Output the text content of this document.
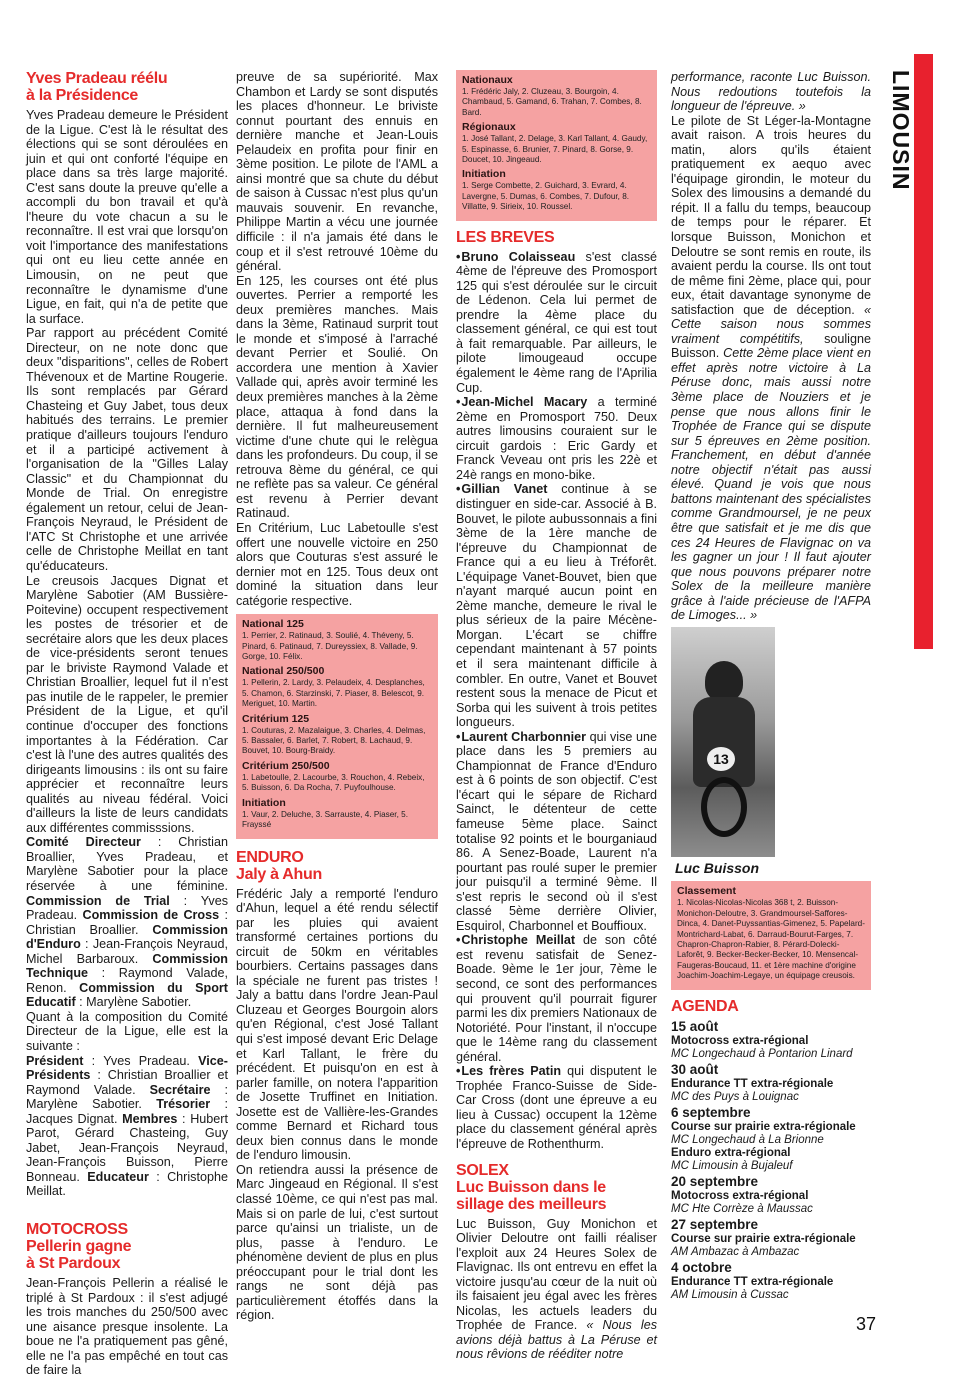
LIMOUSIN
Yves Pradeau réélu
à la Présidence

Yves Pradeau demeure le Président de la Ligue. C'est là le résultat des élections qui se sont déroulées en juin et qui ont conforté l'équipe en place dans sa très large majorité. C'est sans doute la preuve qu'elle a accompli du bon travail et qu'à l'heure du vote chacun a su le reconnaître. Il est vrai que lorsqu'on voit l'importance des manifestations qui ont eu lieu cette année en Limousin, on ne peut que reconnaître le dynamisme d'une Ligue, en fait, qui n'a de petite que la surface.

Par rapport au précédent Comité Directeur, on ne note donc que deux "disparitions", celles de Robert Thévenoux et de Martine Rougerie. Ils sont remplacés par Gérard Chasteing et Guy Jabet, tous deux habitués des terrains. Le premier pratique d'ailleurs toujours l'enduro et il a participé activement à l'organisation de la "Gilles Lalay Classic" et du Championnat du Monde de Trial. On enregistre également un retour, celui de Jean-François Neyraud, le Président de l'ATC St Christophe et une arrivée celle de Christophe Meillat en tant qu'éducateurs.

Le creusois Jacques Dignat et Marylène Sabotier (AM Bussière-Poitevine) occupent respectivement les postes de trésorier et de secrétaire alors que les deux places de vice-présidents seront tenues par le briviste Raymond Valade et Christian Broallier, lequel fut il n'est pas inutile de le rappeler, le premier Président de la Ligue, et qu'il continue d'occuper des fonctions importantes à la Fédération. Car c'est là l'une des autres qualités des dirigeants limousins : ils ont su faire apprécier et reconnaître leurs qualités au niveau fédéral. Voici d'ailleurs la liste de leurs candidats aux différentes commisssions.

Comité Directeur : Christian Broallier, Yves Pradeau, et Marylène Sabotier pour la place réservée à une féminine. Commission de Trial : Yves Pradeau. Commission de Cross : Christian Broallier. Commission d'Enduro : Jean-François Neyraud, Michel Barbaroux. Commission Technique : Raymond Valade, Renon. Commission du Sport Educatif : Marylène Sabotier.

Quant à la composition du Comité Directeur de la Ligue, elle est la suivante :

Président : Yves Pradeau. Vice-Présidents : Christian Broallier et Raymond Valade. Secrétaire : Marylène Sabotier. Trésorier : Jacques Dignat. Membres : Hubert Parot, Gérard Chasteing, Guy Jabet, Jean-François Neyraud, Jean-François Buisson, Pierre Bonneau. Educateur : Christophe Meillat.

MOTOCROSS
Pellerin gagne
à St Pardoux

Jean-François Pellerin a réalisé le triplé à St Pardoux : il s'est adjugé les trois manches du 250/500 avec une aisance presque insolente. La boue ne l'a pratiquement pas gêné, elle ne l'a pas empêché en tout cas de faire la

preuve de sa supériorité. Max Chambon et Lardy se sont disputés les places d'honneur. Le briviste connut pourtant des ennuis en dernière manche et Jean-Louis Pelaudeix en profita pour finir en 3ème position. Le pilote de l'AML a ainsi montré que sa chute du début de saison à Cussac n'est plus qu'un mauvais souvenir. En revanche, Philippe Martin a vécu une journée difficile : il n'a jamais été dans le coup et il s'est retrouvé 10ème du général.

En 125, les courses ont été plus ouvertes. Perrier a remporté les deux premières manches. Mais dans la 3ème, Ratinaud surprit tout le monde et s'imposé à l'arraché devant Perrier et Soulié. On accordera une mention à Xavier Vallade qui, après avoir terminé les deux premières manches à la 2ème place, attaqua à fond dans la dernière. Il fut malheureusement victime d'une chute qui le relègua dans les profondeurs. Du coup, il se retrouva 8ème du général, ce qui ne reflète pas sa valeur. Ce général est revenu à Perrier devant Ratinaud.

En Critérium, Luc Labetoulle s'est offert une nouvelle victoire en 250 alors que Couturas s'est assuré le dernier mot en 125. Tous deux ont dominé la situation dans leur catégorie respective.

National 125
1. Perrier, 2. Ratinaud, 3. Soulié, 4. Théveny, 5. Pinard, 6. Patinaud, 7. Dureyssiex, 8. Vallade, 9. Gorge, 10. Félix.
National 250/500
1. Pellerin, 2. Lardy, 3. Pelaudeix, 4. Desplanches, 5. Chamon, 6. Starzinski, 7. Piaser, 8. Belescot, 9. Meriguet, 10. Martin.
Critérium 125
1. Couturas, 2. Mazalaigue, 3. Charles, 4. Delmas, 5. Bassaler, 6. Barlet, 7. Robert, 8. Lachaud, 9. Bouvet, 10. Bourg-Braidy.
Critérium 250/500
1. Labetoulle, 2. Lacourbe, 3. Rouchon, 4. Rebeix, 5. Buisson, 6. Da Rocha, 7. Puyfoulhouse.
Initiation
1. Vaur, 2. Deluche, 3. Sarrauste, 4. Piaser, 5. Frayssé
ENDURO
Jaly à Ahun

Frédéric Jaly a remporté l'enduro d'Ahun, lequel a été rendu sélectif par les pluies qui avaient transformé certaines portions du circuit de 50km en véritables bourbiers. Certains passages dans la spéciale ne furent pas tristes ! Jaly a battu dans l'ordre Jean-Paul Cluzeau et Georges Bourgoin alors qu'en Régional, c'est José Tallant qui s'est imposé devant Eric Delage et Karl Tallant, le frère du précédent. Et puisqu'on en est à parler famille, on notera l'apparition de Josette Truffinet en Initiation. Josette est de Vallière-les-Grandes comme Bernard et Richard tous deux bien connus dans le monde de l'enduro limousin.

On retiendra aussi la présence de Marc Jingeaud en Régional. Il s'est classé 10ème, ce qui n'est pas mal. Mais si on parle de lui, c'est surtout parce qu'ainsi un trialiste, un de plus, passe à l'enduro. Le phénomène devient de plus en plus préoccupant pour le trial dont les rangs ne sont déjà pas particulièrement étoffés dans la région.

Nationaux
1. Frédéric Jaly, 2. Cluzeau, 3. Bourgoin, 4. Chambaud, 5. Gamand, 6. Trahan, 7. Combes, 8. Bard.
Régionaux
1. José Tallant, 2. Delage, 3. Karl Tallant, 4. Gaudy, 5. Espinasse, 6. Brunier, 7. Pinard, 8. Gorse, 9. Doucet, 10. Jingeaud.
Initiation
1. Serge Combette, 2. Guichard, 3. Evrard, 4. Lavergne, 5. Dumas, 6. Combes, 7. Dufour, 8. Villatte, 9. Sirieix, 10. Roussel.
LES BREVES

• Bruno Colaisseau s'est classé 4ème de l'épreuve des Promosport 125 qui s'est déroulée sur le circuit de Lédenon. Cela lui permet de prendre la 4ème place du classement général, ce qui est tout à fait remarquable. Par ailleurs, le pilote limougeaud occupe également le 4ème rang de l'Aprilia Cup.

• Jean-Michel Macary a terminé 2ème en Promosport 750. Deux autres limousins couraient sur le circuit gardois : Eric Gardy et Franck Veveau ont pris les 22è et 24è rangs en mono-bike.

• Gillian Vanet continue à se distinguer en side-car. Associé à B. Bouvet, le pilote aubussonnais a fini 3ème de la 1ère manche de l'épreuve du Championnat de France qui a eu lieu à Tréforêt. L'équipage Vanet-Bouvet, bien que n'ayant marqué aucun point en 2ème manche, demeure le rival le plus sérieux de la paire Mécène-Morgan. L'écart se chiffre cependant maintenant à 57 points et il sera maintenant difficile à combler. En outre, Vanet et Bouvet restent sous la menace de Picut et Sorba qui les suivent à trois petites longueurs.

• Laurent Charbonnier qui vise une place dans les 5 premiers au Championnat de France d'Enduro est à 6 points de son objectif. C'est l'écart qui le sépare de Richard Sainct, le détenteur de cette fameuse 5ème place. Sainct totalise 92 points et le bourganiaud 86. A Senez-Boade, Laurent n'a pourtant pas roulé super le premier jour puisqu'il a terminé 9ème. Il s'est repris le second où il s'est classé 5ème derrière Olivier, Esquirol, Charbonnel et Bouffioux.

• Christophe Meillat de son côté est revenu satisfait de Senez-Boade. 9ème le 1er jour, 7ème le second, ce sont des performances qui prouvent qu'il pourrait figurer parmi les dix premiers Nationaux de Notoriété. Pour l'instant, il n'occupe que le 14ème rang du classement général.

• Les frères Patin qui disputent le Trophée Franco-Suisse de Side-Car Cross (dont une épreuve a eu lieu à Cussac) occupent la 12ème place du classement général après l'épreuve de Rothenthurm.

SOLEX
Luc Buisson dans le
sillage des meilleurs

Luc Buisson, Guy Monichon et Olivier Deloutre ont failli réaliser l'exploit aux 24 Heures Solex de Flavignac. Ils ont entrevu en effet la victoire jusqu'au cœur de la nuit où ils faisaient jeu égal avec les frères Nicolas, les actuels leaders du Trophée de France. « Nous les avions déjà battus à La Péruse et nous rêvions de rééditer notre

performance, raconte Luc Buisson. Nous redoutions toutefois la longueur de l'épreuve. »

Le pilote de St Léger-la-Montagne avait raison. A trois heures du matin, alors qu'ils étaient pratiquement ex aequo avec l'équipage girondin, le moteur du Solex des limousins a demandé du répit. Il a fallu du temps, beaucoup de temps pour le réparer. Et lorsque Buisson, Monichon et Deloutre se sont remis en route, ils avaient perdu la course. Ils ont tout de même fini 2ème, place qui, pour eux, était davantage synonyme de satisfaction que de déception. « Cette saison nous sommes vraiment compétitifs, souligne Buisson. Cette 2ème place vient en effet après notre victoire à La Péruse donc, mais aussi notre 3ème place de Nouziers et je pense que nous allons finir le Trophée de France qui se dispute sur 5 épreuves en 2ème position. Franchement, en début d'année notre objectif n'était pas aussi élevé. Quand je vois que nous battons maintenant des spécialistes comme Grandmoursel, je ne peux être que satisfait et je me dis que ces 24 Heures de Flavignac on va les gagner un jour ! Il faut ajouter que nous pouvons préparer notre Solex de la meilleure manière grâce à l'aide précieuse de l'AFPA de Limoges... »

13
Luc Buisson
Classement
1. Nicolas-Nicolas-Nicolas 368 t, 2. Buisson-Monichon-Deloutre, 3. Grandmoursel-Saffores-Dinca, 4. Danet-Puyssantias-Gimenez, 5. Papelard-Montrichard-Labat, 6. Darraud-Bourut-Farges, 7. Chapron-Chapron-Rabier, 8. Pérard-Dolecki-Laforêt, 9. Becker-Becker-Becker, 10. Mensencal-Faugeras-Boucaud, 11. et 1ère machine d'origine Joachim-Joachim-Legaye, un équipage creusois.
AGENDA
15 août
Motocross extra-régional
MC Longechaud à Pontarion Linard
30 août
Endurance TT extra-régionale
MC des Puys à Louignac
6 septembre
Course sur prairie extra-régionale
MC Longechaud à La Brionne
Enduro extra-régional
MC Limousin à Bujaleuf
20 septembre
Motocross extra-régional
MC Hte Corrèze à Maussac
27 septembre
Course sur prairie extra-régionale
AM Ambazac à Ambazac
4 octobre
Endurance TT extra-régionale
AM Limousin à Cussac
37
